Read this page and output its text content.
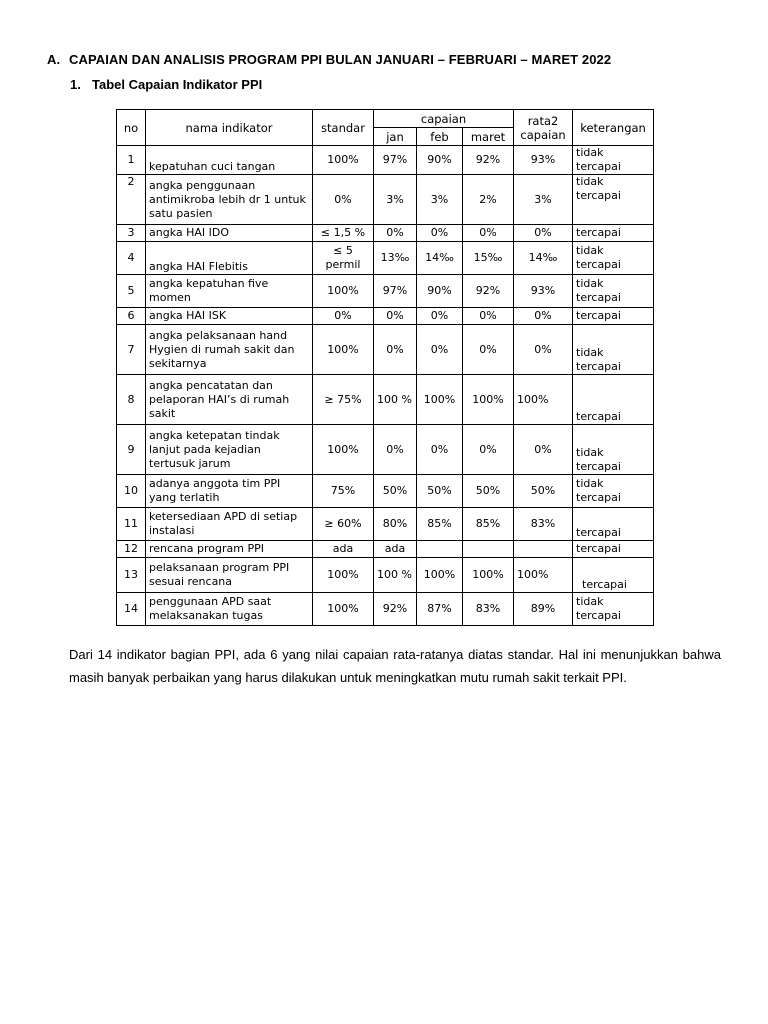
A. CAPAIAN DAN ANALISIS PROGRAM PPI BULAN JANUARI – FEBRUARI – MARET 2022
1. Tabel Capaian Indikator PPI
no	nama indikator	standar	capaian			rata2 capaian	keterangan
			jan	feb	maret		
1	kepatuhan cuci tangan	100%	97%	90%	92%	93%	tidak tercapai
2	angka penggunaan antimikroba lebih dr 1 untuk satu pasien	0%	3%	3%	2%	3%	tidak tercapai
3	angka HAI IDO	≤ 1,5 %	0%	0%	0%	0%	tercapai
4	angka HAI Flebitis	≤ 5 permil	13‰	14‰	15‰	14‰	tidak tercapai
5	angka kepatuhan five momen	100%	97%	90%	92%	93%	tidak tercapai
6	angka HAI ISK	0%	0%	0%	0%	0%	tercapai
7	angka pelaksanaan hand Hygien di rumah sakit dan sekitarnya	100%	0%	0%	0%	0%	tidak tercapai
8	angka pencatatan dan pelaporan HAI’s di rumah sakit	≥ 75%	100 %	100%	100%	100%	tercapai
9	angka ketepatan tindak lanjut pada kejadian tertusuk jarum	100%	0%	0%	0%	0%	tidak tercapai
10	adanya anggota tim PPI yang terlatih	75%	50%	50%	50%	50%	tidak tercapai
11	ketersediaan APD di setiap instalasi	≥ 60%	80%	85%	85%	83%	tercapai
12	rencana program PPI	ada	ada				tercapai
13	pelaksanaan program PPI sesuai rencana	100%	100 %	100%	100%	100%	tercapai
14	penggunaan APD saat melaksanakan tugas	100%	92%	87%	83%	89%	tidak tercapai

Dari 14 indikator bagian PPI, ada 6 yang nilai capaian rata-ratanya diatas standar. Hal ini menunjukkan bahwa masih banyak perbaikan yang harus dilakukan untuk meningkatkan mutu rumah sakit terkait PPI.
